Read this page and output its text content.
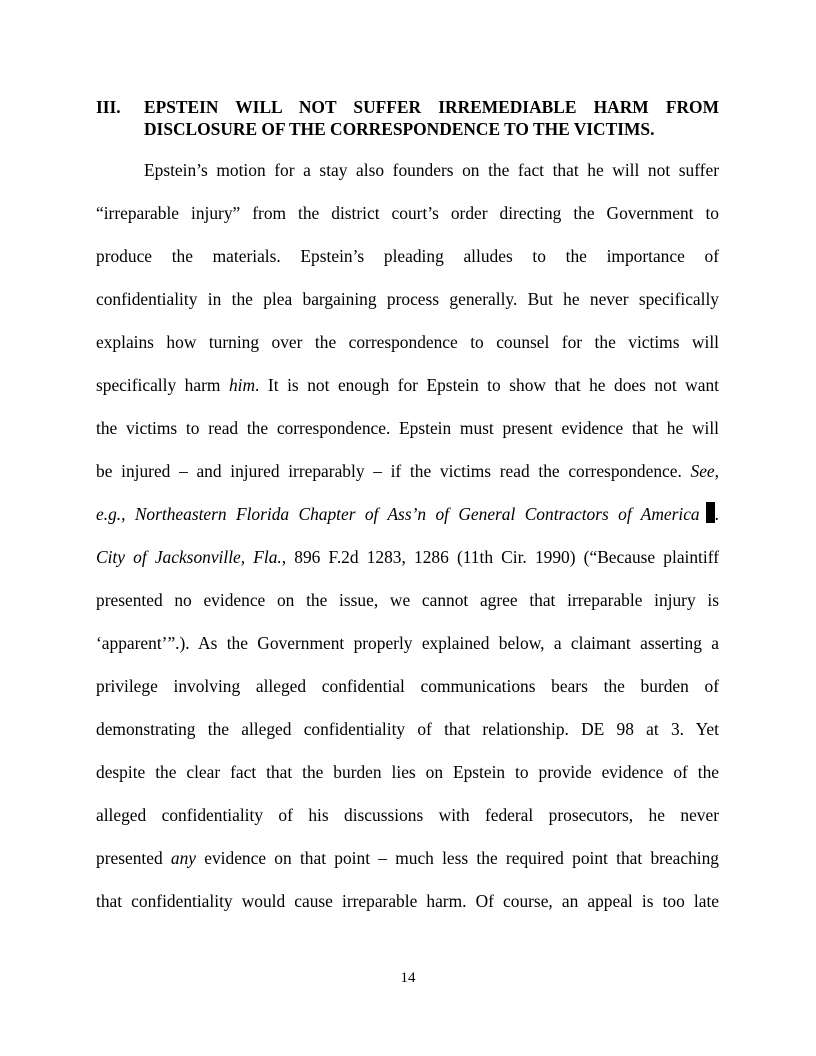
III. EPSTEIN WILL NOT SUFFER IRREMEDIABLE HARM FROM
DISCLOSURE OF THE CORRESPONDENCE TO THE VICTIMS.
Epstein’s motion for a stay also founders on the fact that he will not suffer
“irreparable injury” from the district court’s order directing the Government to
produce the materials. Epstein’s pleading alludes to the importance of
confidentiality in the plea bargaining process generally. But he never specifically
explains how turning over the correspondence to counsel for the victims will
specifically harm him. It is not enough for Epstein to show that he does not want
the victims to read the correspondence. Epstein must present evidence that he will
be injured – and injured irreparably – if the victims read the correspondence. See,
e.g., Northeastern Florida Chapter of Ass’n of General Contractors of America .
City of Jacksonville, Fla., 896 F.2d 1283, 1286 (11th Cir. 1990) (“Because plaintiff
presented no evidence on the issue, we cannot agree that irreparable injury is
‘apparent’”.). As the Government properly explained below, a claimant asserting a
privilege involving alleged confidential communications bears the burden of
demonstrating the alleged confidentiality of that relationship. DE 98 at 3. Yet
despite the clear fact that the burden lies on Epstein to provide evidence of the
alleged confidentiality of his discussions with federal prosecutors, he never
presented any evidence on that point – much less the required point that breaching
that confidentiality would cause irreparable harm. Of course, an appeal is too late
14
